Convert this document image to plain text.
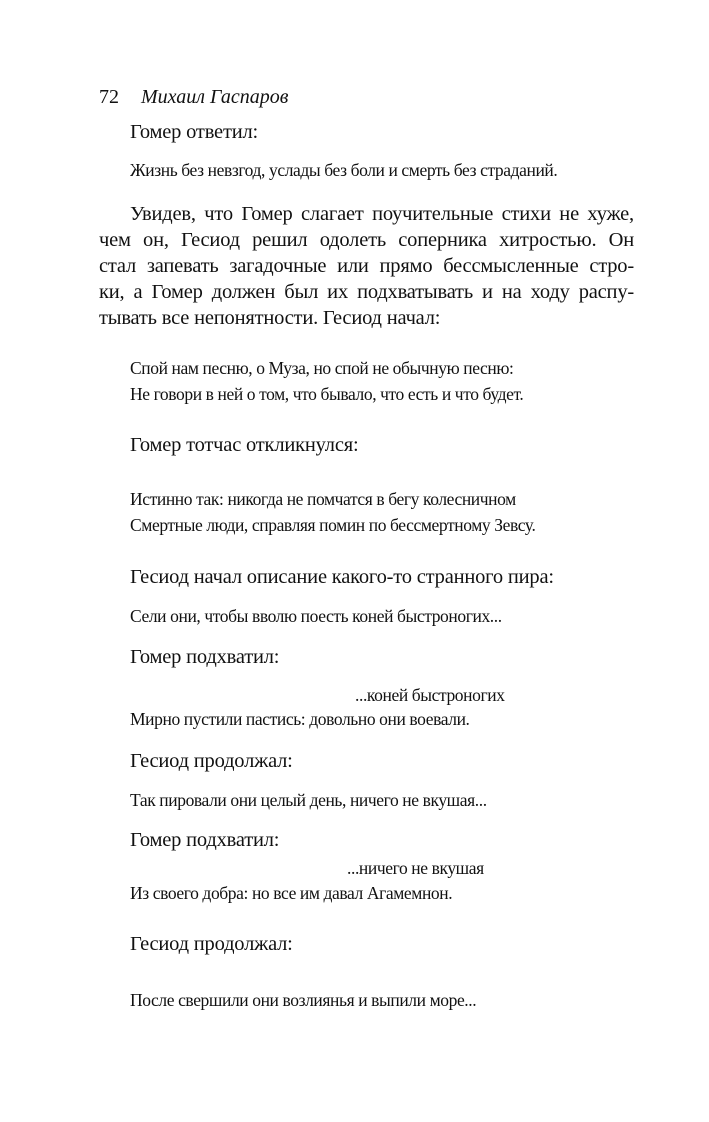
72 Михаил Гаспаров

Гомер ответил:

Жизнь без невзгод, услады без боли и смерть без страданий.

Увидев, что Гомер слагает поучительные стихи не хуже,

чем он, Гесиод решил одолеть соперника хитростью. Он

стал запевать загадочные или прямо бессмысленные стро-

ки, а Гомер должен был их подхватывать и на ходу распу-

тывать все непонятности. Гесиод начал:

Спой нам песню, о Муза, но спой не обычную песню:

Не говори в ней о том, что бывало, что есть и что будет.

Гомер тотчас откликнулся:

Истинно так: никогда не помчатся в бегу колесничном

Смертные люди, справляя помин по бессмертному Зевсу.

Гесиод начал описание какого-то странного пира:

Сели они, чтобы вволю поесть коней быстроногих...

Гомер подхватил:

...коней быстроногих

Мирно пустили пастись: довольно они воевали.

Гесиод продолжал:

Так пировали они целый день, ничего не вкушая...

Гомер подхватил:

...ничего не вкушая

Из своего добра: но все им давал Агамемнон.

Гесиод продолжал:

После свершили они возлиянья и выпили море...
